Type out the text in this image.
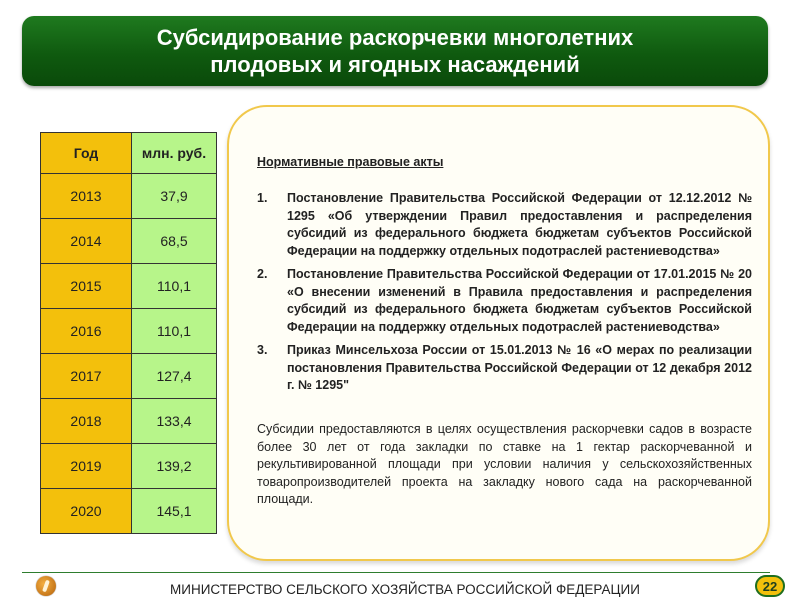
Субсидирование раскорчевки многолетних
плодовых и ягодных насаждений
Год	млн. руб.
2013	37,9
2014	68,5
2015	110,1
2016	110,1
2017	127,4
2018	133,4
2019	139,2
2020	145,1
Нормативные правовые акты
1.	Постановление Правительства Российской Федерации от 12.12.2012 № 1295 «Об утверждении Правил предоставления и распределения субсидий из федерального бюджета бюджетам субъектов Российской Федерации на поддержку отдельных подотраслей растениеводства»
2.	Постановление Правительства Российской Федерации от 17.01.2015 № 20 «О внесении изменений в Правила предоставления и распределения субсидий из федерального бюджета бюджетам субъектов Российской Федерации на поддержку отдельных подотраслей растениеводства»
3.	Приказ Минсельхоза России от 15.01.2013 № 16 «О мерах по реализации постановления Правительства Российской Федерации от 12 декабря 2012 г. № 1295"
Субсидии предоставляются в целях осуществления раскорчевки садов в возрасте более 30 лет от года закладки по ставке на 1 гектар раскорчеванной и рекультивированной площади при условии наличия у сельскохозяйственных товаропроизводителей проекта на закладку нового сада на раскорчеванной площади.
МИНИСТЕРСТВО СЕЛЬСКОГО ХОЗЯЙСТВА РОССИЙСКОЙ ФЕДЕРАЦИИ	22
